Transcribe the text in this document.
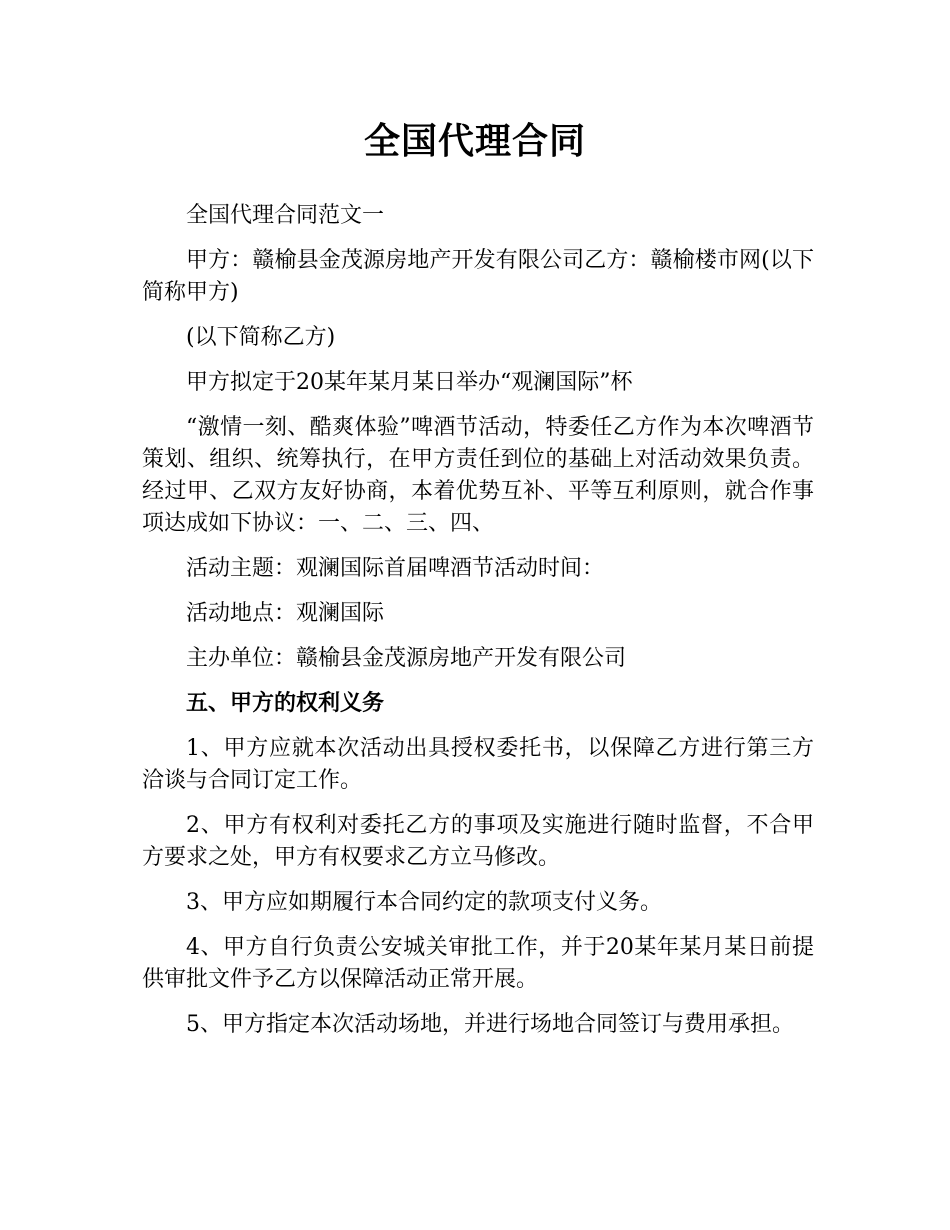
全国代理合同

全国代理合同范文一

甲方：赣榆县金茂源房地产开发有限公司乙方：赣榆楼市网(以下简称甲方)

(以下简称乙方)

甲方拟定于20某年某月某日举办“观澜国际”杯

“激情一刻、酷爽体验”啤酒节活动，特委任乙方作为本次啤酒节策划、组织、统筹执行，在甲方责任到位的基础上对活动效果负责。经过甲、乙双方友好协商，本着优势互补、平等互利原则，就合作事项达成如下协议：一、二、三、四、

活动主题：观澜国际首届啤酒节活动时间：

活动地点：观澜国际

主办单位：赣榆县金茂源房地产开发有限公司

五、甲方的权利义务

1、甲方应就本次活动出具授权委托书，以保障乙方进行第三方洽谈与合同订定工作。

2、甲方有权利对委托乙方的事项及实施进行随时监督，不合甲方要求之处，甲方有权要求乙方立马修改。

3、甲方应如期履行本合同约定的款项支付义务。

4、甲方自行负责公安城关审批工作，并于20某年某月某日前提供审批文件予乙方以保障活动正常开展。

5、甲方指定本次活动场地，并进行场地合同签订与费用承担。
